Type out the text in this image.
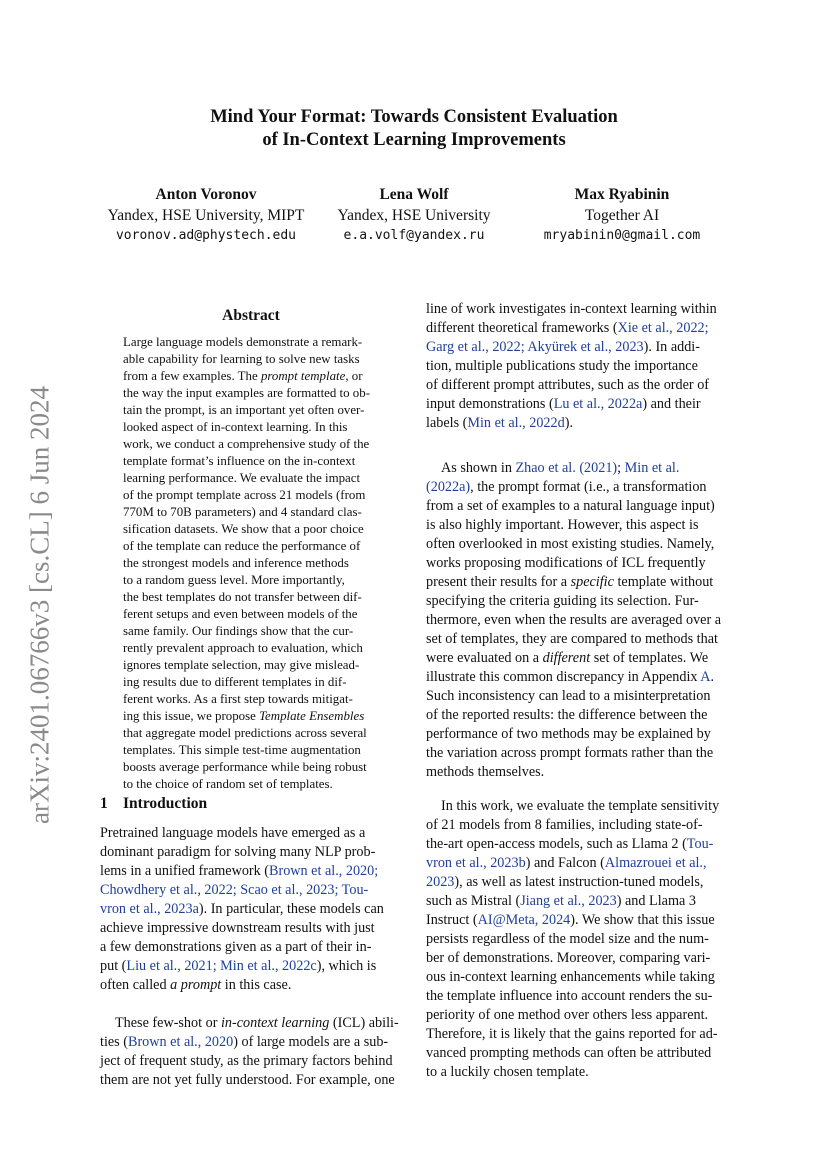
Mind Your Format: Towards Consistent Evaluation
of In-Context Learning Improvements
Anton Voronov
Yandex, HSE University, MIPT
voronov.ad@phystech.edu
Lena Wolf
Yandex, HSE University
e.a.volf@yandex.ru
Max Ryabinin
Together AI
mryabinin0@gmail.com
arXiv:2401.06766v3 [cs.CL] 6 Jun 2024
Abstract
Large language models demonstrate a remark-
able capability for learning to solve new tasks
from a few examples. The prompt template, or
the way the input examples are formatted to ob-
tain the prompt, is an important yet often over-
looked aspect of in-context learning. In this
work, we conduct a comprehensive study of the
template format’s influence on the in-context
learning performance. We evaluate the impact
of the prompt template across 21 models (from
770M to 70B parameters) and 4 standard clas-
sification datasets. We show that a poor choice
of the template can reduce the performance of
the strongest models and inference methods
to a random guess level. More importantly,
the best templates do not transfer between dif-
ferent setups and even between models of the
same family. Our findings show that the cur-
rently prevalent approach to evaluation, which
ignores template selection, may give mislead-
ing results due to different templates in dif-
ferent works. As a first step towards mitigat-
ing this issue, we propose Template Ensembles
that aggregate model predictions across several
templates. This simple test-time augmentation
boosts average performance while being robust
to the choice of random set of templates.
1 Introduction
Pretrained language models have emerged as a
dominant paradigm for solving many NLP prob-
lems in a unified framework (Brown et al., 2020;
Chowdhery et al., 2022; Scao et al., 2023; Tou-
vron et al., 2023a). In particular, these models can
achieve impressive downstream results with just
a few demonstrations given as a part of their in-
put (Liu et al., 2021; Min et al., 2022c), which is
often called a prompt in this case.
These few-shot or in-context learning (ICL) abili-
ties (Brown et al., 2020) of large models are a sub-
ject of frequent study, as the primary factors behind
them are not yet fully understood. For example, one
line of work investigates in-context learning within
different theoretical frameworks (Xie et al., 2022;
Garg et al., 2022; Akyürek et al., 2023). In addi-
tion, multiple publications study the importance
of different prompt attributes, such as the order of
input demonstrations (Lu et al., 2022a) and their
labels (Min et al., 2022d).
As shown in Zhao et al. (2021); Min et al.
(2022a), the prompt format (i.e., a transformation
from a set of examples to a natural language input)
is also highly important. However, this aspect is
often overlooked in most existing studies. Namely,
works proposing modifications of ICL frequently
present their results for a specific template without
specifying the criteria guiding its selection. Fur-
thermore, even when the results are averaged over a
set of templates, they are compared to methods that
were evaluated on a different set of templates. We
illustrate this common discrepancy in Appendix A.
Such inconsistency can lead to a misinterpretation
of the reported results: the difference between the
performance of two methods may be explained by
the variation across prompt formats rather than the
methods themselves.
In this work, we evaluate the template sensitivity
of 21 models from 8 families, including state-of-
the-art open-access models, such as Llama 2 (Tou-
vron et al., 2023b) and Falcon (Almazrouei et al.,
2023), as well as latest instruction-tuned models,
such as Mistral (Jiang et al., 2023) and Llama 3
Instruct (AI@Meta, 2024). We show that this issue
persists regardless of the model size and the num-
ber of demonstrations. Moreover, comparing vari-
ous in-context learning enhancements while taking
the template influence into account renders the su-
periority of one method over others less apparent.
Therefore, it is likely that the gains reported for ad-
vanced prompting methods can often be attributed
to a luckily chosen template.
